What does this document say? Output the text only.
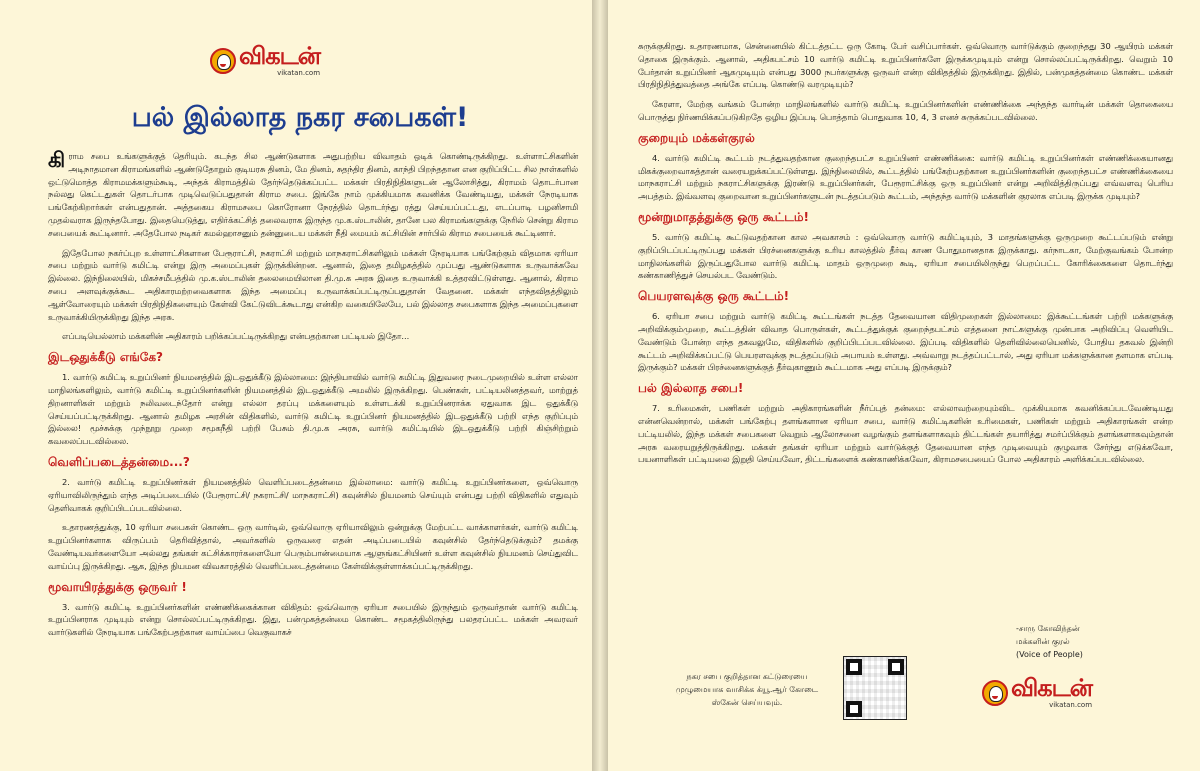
விகடன்
vikatan.com
பல் இல்லாத நகர சபைகள்!

கிராம சபை உங்களுக்குத் தெரியும். கடந்த சில ஆண்டுகளாக அதுபற்றிய விவாதம் ஒடிக் கொண்டிருக்கிறது. உள்ளாட்சிகளின் அடிநாதமான கிராமங்களில் ஆண்டுதோறும் குடியரசு தினம், மே தினம், சுதந்திர தினம், காந்தி பிறந்ததான என குறிப்பிட்ட சில நாள்களில் ஒட்டுமொத்த கிராமமக்களும்கூடி, அந்தக் கிராமத்தில் தேர்ந்தெடுக்கப்பட்ட மக்கள் பிரதிநிதிகளுடன் ஆலோசித்து, கிராமம் தொடர்பான நல்லது கெட்டதுகள் தொடர்பாக முடிவெடுப்பதுதான் கிராம சபை. இங்கே நாம் முக்கியமாக கவனிக்க வேண்டியது, மக்கள் நேரடியாக பங்கேற்கிறார்கள் என்பதுதான். அத்தகைய கிராமசபை கொரோனா நேரத்தில் தொடர்ந்து ரத்து செய்யப்பட்டது, எடப்பாடி பழனிசாமி முதல்வராக இருந்தபோது. இதையெடுத்து, எதிர்க்கட்சித் தலைவராக இருந்த மு.க.ஸ்டாலின், தானே பல கிராமங்களுக்கு நேரில் சென்று கிராம சபையைக் கூட்டினார். அதேபோல நடிகர் கமல்ஹாசனும் தன்னுடைய மக்கள் நீதி மையம் கட்சியின் சார்பில் கிராம சபையைக் கூட்டினார்.

இதேபோல நகர்ப்புற உள்ளாட்சிகளான பேரூராட்சி, நகராட்சி மற்றும் மாநகராட்சிகளிலும் மக்கள் நேரடியாக பங்கேற்கும் விதமாக ஏரியா சபை மற்றும் வார்டு கமிட்டி என்று இரு அமைப்புகள் இருக்கின்றன. ஆனால், இதை தமிழகத்தில் முப்பது ஆண்டுகளாக உருவாக்கவே இல்லை. இந்நிலையில், மிகச்சமீபத்தில் மு.க.ஸ்டாலின் தலைமையிலான தி.மு.க அரசு இதை உருவாக்கி உத்தரவிட்டுள்ளது. ஆனால், கிராம சபை அளவுக்குக்கூட அதிகாரமற்றவைகளாக இந்த அமைப்பு உருவாக்கப்பட்டிருப்பதுதான் வேதனை. மக்கள் எந்தவிதத்திலும் ஆள்வோரையும் மக்கள் பிரதிநிதிகளையும் கேள்வி கேட்டுவிடக்கூடாது என்கிற வகையிலேயே, பல் இல்லாத சபைகளாக இந்த அமைப்புகளை உருவாக்கியிருக்கிறது இந்த அரசு.

எப்படியெல்லாம் மக்களின் அதிகாரம் பறிக்கப்பட்டிருக்கிறது என்பதற்கான பட்டியல் இதோ...

இடஒதுக்கீடு எங்கே?

1. வார்டு கமிட்டி உறுப்பினர் நியமனத்தில் இடஒதுக்கீடு இல்லாமை: இந்தியாவில் வார்டு கமிட்டி இதுவரை நடைமுறையில் உள்ள எல்லா மாநிலங்களிலும், வார்டு கமிட்டி உறுப்பினர்களின் நியமனத்தில் இடஒதுக்கீடு அமலில் இருக்கிறது. பெண்கள், பட்டியலினத்தவர், மாற்றுத் திறனாளிகள் மற்றும் நலிவடைந்தோர் என்று எல்லா தரப்பு மக்களையும் உள்ளடக்கி உறுப்பினராக்க ஏதுவாக இட ஒதுக்கீடு செய்யப்பட்டிருக்கிறது. ஆனால் தமிழக அரசின் விதிகளில், வார்டு கமிட்டி உறுப்பினர் நியமனத்தில் இடஒதுக்கீடு பற்றி எந்த குறிப்பும் இல்லை! மூச்சுக்கு முந்நூறு முறை சமூகநீதி பற்றி பேசும் தி.மு.க அரசு, வார்டு கமிட்டியில் இடஒதுக்கீடு பற்றி கிஞ்சிற்றும் கவலைப்படவில்லை.

வெளிப்படைத்தன்மை...?

2. வார்டு கமிட்டி உறுப்பினர்கள் நியமனத்தில் வெளிப்படைத்தன்மை இல்லாமை: வார்டு கமிட்டி உறுப்பினர்களை, ஒவ்வொரு ஏரியாவிலிருந்தும் எந்த அடிப்படையில் (பேரூராட்சி/ நகராட்சி/ மாநகராட்சி) கவுன்சில் நியமனம் செய்யும் என்பது பற்றி விதிகளில் எதுவும் தெளிவாகக் குறிப்பிடப்படவில்லை.

உதாரணத்துக்கு, 10 ஏரியா சபைகள் கொண்ட ஒரு வார்டில், ஒவ்வொரு ஏரியாவிலும் ஒன்றுக்கு மேற்பட்ட வாக்காளர்கள், வார்டு கமிட்டி உறுப்பினர்களாக விருப்பம் தெரிவித்தால், அவர்களில் ஒருவரை எதன் அடிப்படையில் கவுன்சில் தேர்ந்தெடுக்கும்? தமக்கு வேண்டியவர்களையோ அல்லது தங்கள் கட்சிக்காரர்களையோ பெரும்பான்மையாக ஆளுங்கட்சியினர் உள்ள கவுன்சில் நியமனம் செய்துவிட வாய்ப்பு இருக்கிறது. ஆக, இந்த நியமன விவகாரத்தில் வெளிப்படைத்தன்மை கேள்விக்குள்ளாக்கப்பட்டிருக்கிறது.

மூவாயிரத்துக்கு ஒருவர் !

3. வார்டு கமிட்டி உறுப்பினர்களின் எண்ணிக்கைக்கான விகிதம்: ஒவ்வொரு ஏரியா சபையில் இருந்தும் ஒருவர்தான் வார்டு கமிட்டி உறுப்பினராக முடியும் என்று சொல்லப்பட்டிருக்கிறது. இது, பன்முகத்தன்மை கொண்ட சமூகத்திலிருந்து பலதரப்பட்ட மக்கள் அவரவர் வார்டுகளில் நேரடியாக பங்கேற்பதற்கான வாய்ப்பை வெகுவாகச்

சுருக்குகிறது. உதாரணமாக, சென்னையில் கிட்டத்தட்ட ஒரு கோடி பேர் வசிப்பார்கள். ஒவ்வொரு வார்டுக்கும் குறைந்தது 30 ஆயிரம் மக்கள் தொகை இருக்கும். ஆனால், அதிகபட்சம் 10 வார்டு கமிட்டி உறுப்பினர்களே இருக்கமுடியும் என்று சொல்லப்பட்டிருக்கிறது. வெறும் 10 பேர்தான் உறுப்பினர் ஆகமுடியும் என்பது 3000 நபர்களுக்கு ஒருவர் என்ற விகிதத்தில் இருக்கிறது. இதில், பன்முகத்தன்மை கொண்ட மக்கள் பிரதிநிதித்துவத்தை அங்கே எப்படி கொண்டு வரமுடியும்?

கேரளா, மேற்கு வங்கம் போன்ற மாநிலங்களில் வார்டு கமிட்டி உறுப்பினர்களின் எண்ணிக்கை அந்தந்த வார்டின் மக்கள் தொகையை பொருத்து நிர்ணயிக்கப்படுகிறதே ஒழிய இப்படி பொத்தாம் பொதுவாக 10, 4, 3 எனச் சுருக்கப்படவில்லை.

குறையும் மக்கள்குரல்

4. வார்டு கமிட்டி கூட்டம் நடத்துவதற்கான குறைந்தபட்ச உறுப்பினர் எண்ணிக்கை: வார்டு கமிட்டி உறுப்பினர்கள் எண்ணிக்கையானது மிகக்குறைவாகத்தான் வரையறுக்கப்பட்டுள்ளது. இந்நிலையில், கூட்டத்தில் பங்கேற்பதற்கான உறுப்பினர்களின் குறைந்தபட்ச எண்ணிக்கையை மாநகராட்சி மற்றும் நகராட்சிகளுக்கு இரண்டு உறுப்பினர்கள், பேரூராட்சிக்கு ஒரு உறுப்பினர் என்று அறிவித்திருப்பது எவ்வளவு பெரிய அபத்தம். இவ்வளவு குறைவான உறுப்பினர்களுடன் நடத்தப்படும் கூட்டம், அந்தந்த வார்டு மக்களின் குரலாக எப்படி இருக்க முடியும்?

மூன்றுமாதத்துக்கு ஒரு கூட்டம்!

5. வார்டு கமிட்டி கூட்டுவதற்கான கால அவகாசம் : ஒவ்வொரு வார்டு கமிட்டியும், 3 மாதங்களுக்கு ஒருமுறை கூட்டப்படும் என்று குறிப்பிடப்பட்டிருப்பது மக்கள் பிரச்னைகளுக்கு உரிய காலத்தில் தீர்வு காண போதுமானதாக இருக்காது. கர்நாடகா, மேற்குவங்கம் போன்ற மாநிலங்களில் இருப்பதுபோல வார்டு கமிட்டி மாதம் ஒருமுறை கூடி, ஏரியா சபையிலிருந்து பெறப்பட்ட கோரிக்கைகளை தொடர்ந்து கண்காணித்துச் செயல்பட வேண்டும்.

பெயரளவுக்கு ஒரு கூட்டம்!

6. ஏரியா சபை மற்றும் வார்டு கமிட்டி கூட்டங்கள் நடத்த தேவையான விதிமுறைகள் இல்லாமை: இக்கூட்டங்கள் பற்றி மக்களுக்கு அறிவிக்கும்முறை, கூட்டத்தின் விவாத பொருள்கள், கூட்டத்துக்குக் குறைந்தபட்சம் எத்தனை நாட்களுக்கு முன்பாக அறிவிப்பு வெளியிட வேண்டும் போன்ற எந்த தகவலுமே, விதிகளில் குறிப்பிடப்படவில்லை. இப்படி விதிகளில் தெளிவில்லையெனில், போதிய தகவல் இன்றி கூட்டம் அறிவிக்கப்பட்டு பெயரளவுக்கு நடத்தப்படும் அபாயம் உள்ளது. அவ்வாறு நடத்தப்பட்டால், அது ஏரியா மக்களுக்கான தளமாக எப்படி இருக்கும்? மக்கள் பிரச்னைகளுக்குத் தீர்வுகாணும் கூட்டமாக அது எப்படி இருக்கும்?

பல் இல்லாத சபை!

7. உரிமைகள், பணிகள் மற்றும் அதிகாரங்களின் நீர்ப்புத் தன்மை: எல்லாவற்றையும்விட முக்கியமாக கவனிக்கப்படவேண்டியது என்னவென்றால், மக்கள் பங்கேற்பு தளங்களான ஏரியா சபை, வார்டு கமிட்டிகளின் உரிமைகள், பணிகள் மற்றும் அதிகாரங்கள் என்ற பட்டியலில், இந்த மக்கள் சபைகளை வெறும் ஆலோசனை வழங்கும் தளங்களாகவும் திட்டங்கள் தயாரித்து சமர்ப்பிக்கும் தளங்களாகவும்தான் அரசு வரையறுத்திருக்கிறது. மக்கள் தங்கள் ஏரியா மற்றும் வார்டுக்குத் தேவையான எந்த முடிவையும் குழுவாக சேர்ந்து எடுக்கவோ, பயனாளிகள் பட்டியலை இறுதி செய்யவோ, திட்டங்களைக் கண்காணிக்கவோ, கிராமசபையைப் போல அதிகாரம் அளிக்கப்படவில்லை.

-சாரு கோவிந்தன்
மக்களின் குரல்
(Voice of People)
நகர சபை குறித்தான கட்டுரையை முழுமையாக வாசிக்க க்யூ.ஆர் கோடை ஸ்கேன் செய்யவும்.
விகடன்
vikatan.com
